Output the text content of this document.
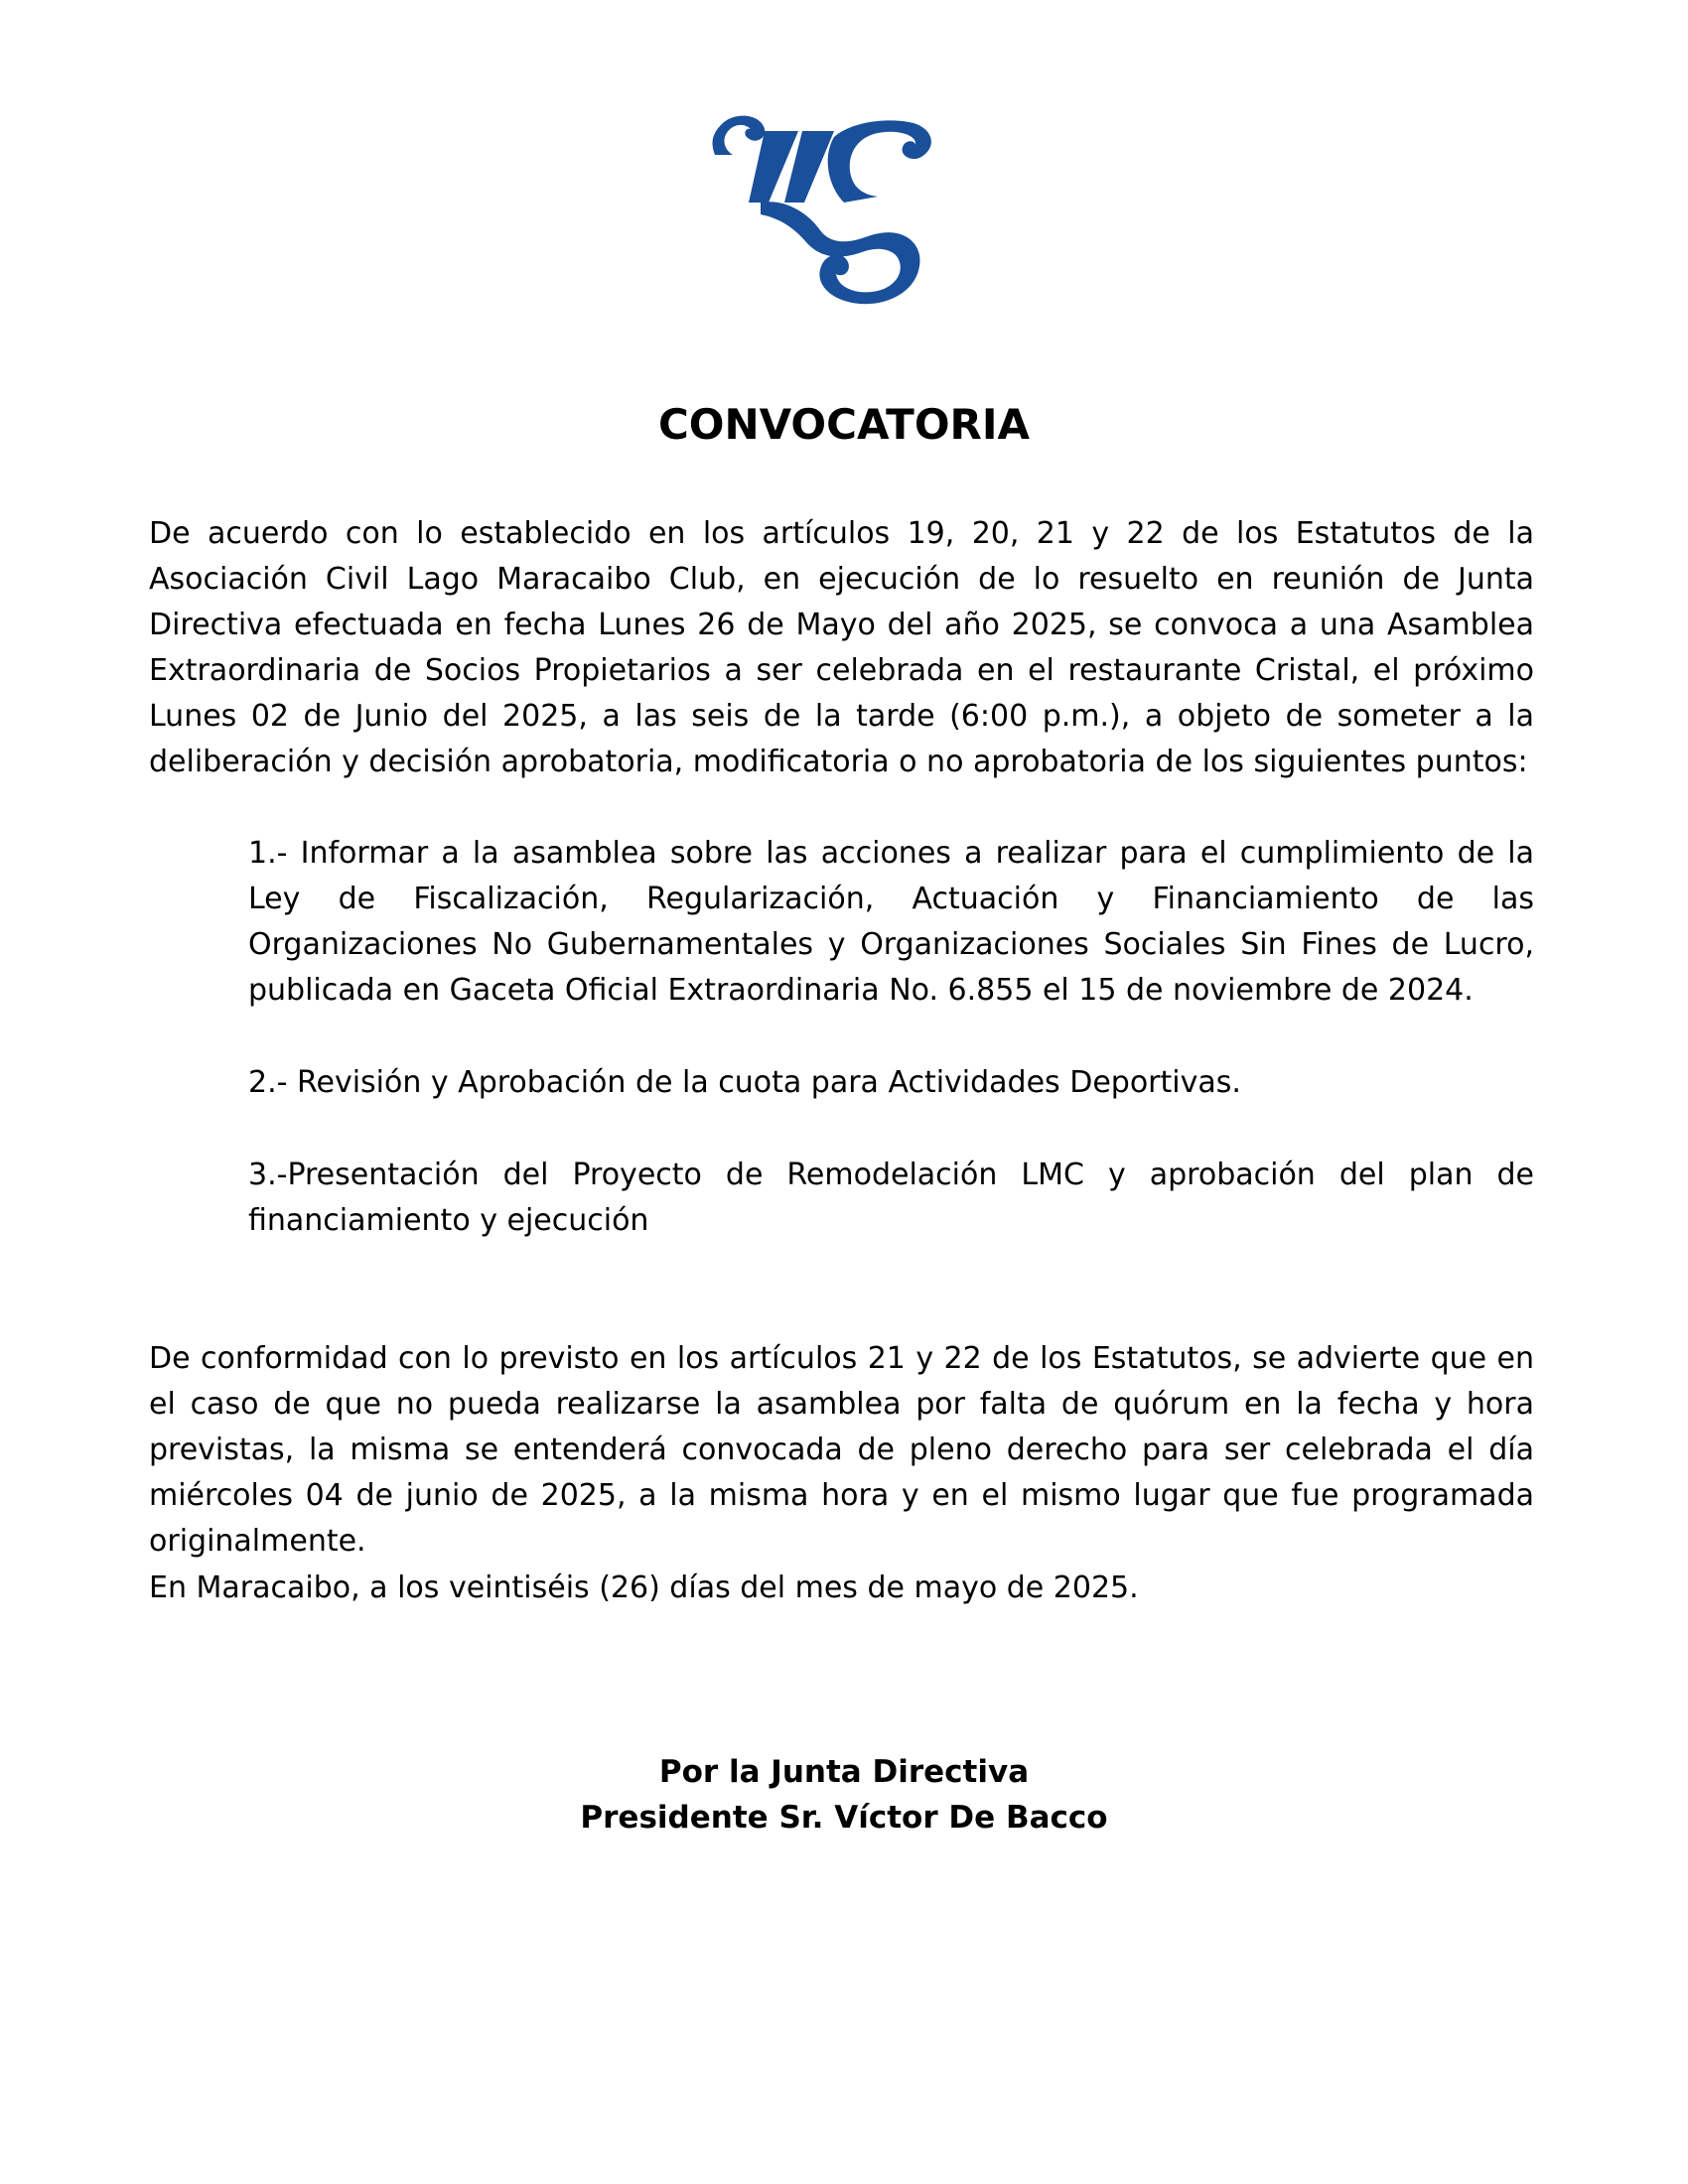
CONVOCATORIA

De acuerdo con lo establecido en los artículos 19, 20, 21 y 22 de los Estatutos de la Asociación Civil Lago Maracaibo Club, en ejecución de lo resuelto en reunión de Junta Directiva efectuada en fecha Lunes 26 de Mayo del año 2025, se convoca a una Asamblea Extraordinaria de Socios Propietarios a ser celebrada en el restaurante Cristal, el próximo Lunes 02 de Junio del 2025, a las seis de la tarde (6:00 p.m.), a objeto de someter a la deliberación y decisión aprobatoria, modificatoria o no aprobatoria de los siguientes puntos:

1.- Informar a la asamblea sobre las acciones a realizar para el cumplimiento de la Ley de Fiscalización, Regularización, Actuación y Financiamiento de las Organizaciones No Gubernamentales y Organizaciones Sociales Sin Fines de Lucro, publicada en Gaceta Oficial Extraordinaria No. 6.855 el 15 de noviembre de 2024.

2.- Revisión y Aprobación de la cuota para Actividades Deportivas.

3.-Presentación del Proyecto de Remodelación LMC y aprobación del plan de financiamiento y ejecución

De conformidad con lo previsto en los artículos 21 y 22 de los Estatutos, se advierte que en el caso de que no pueda realizarse la asamblea por falta de quórum en la fecha y hora previstas, la misma se entenderá convocada de pleno derecho para ser celebrada el día miércoles 04 de junio de 2025, a la misma hora y en el mismo lugar que fue programada originalmente.

En Maracaibo, a los veintiséis (26) días del mes de mayo de 2025.

Por la Junta Directiva

Presidente Sr. Víctor De Bacco
